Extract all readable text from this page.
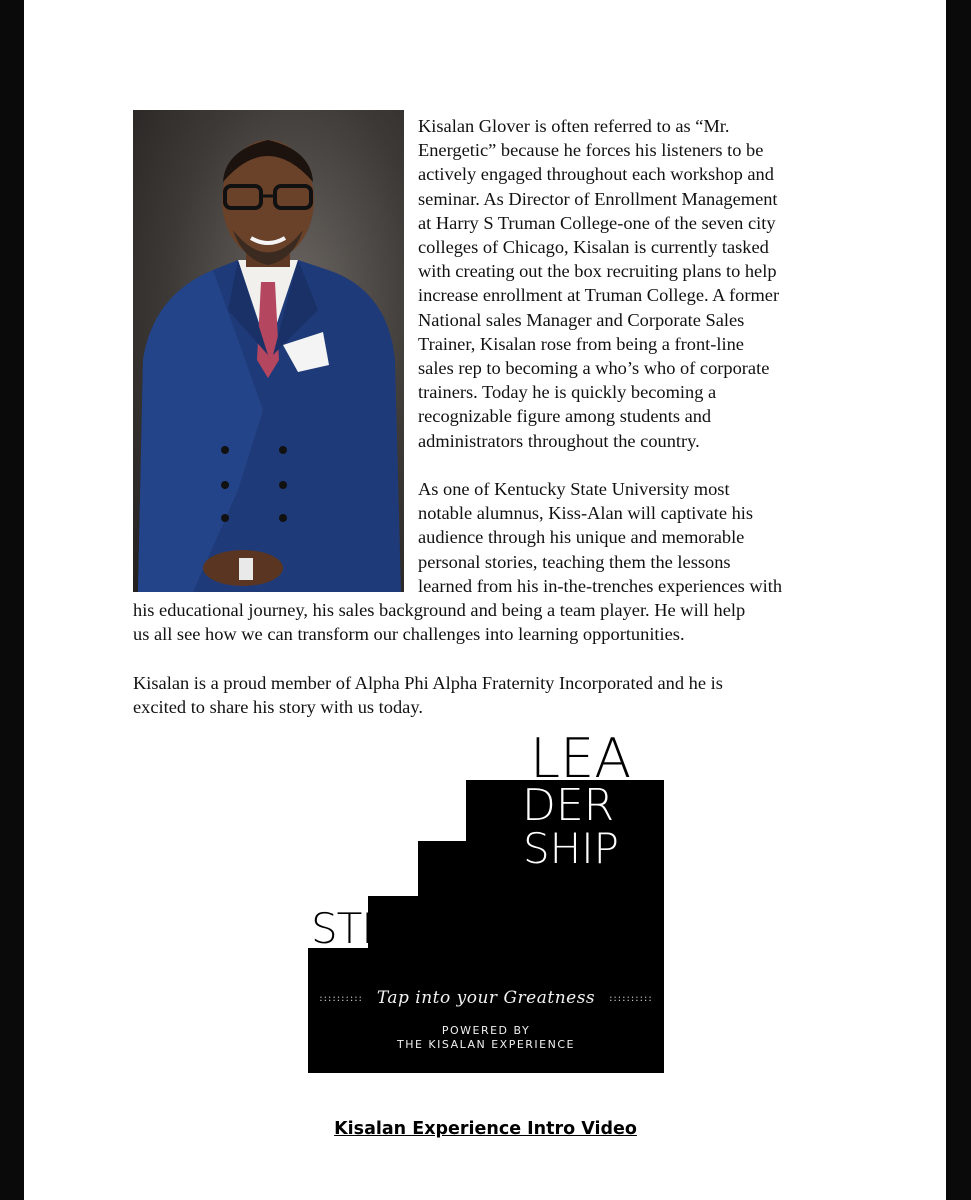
Kisalan Glover is often referred to as “Mr.
Energetic” because he forces his listeners to be
actively engaged throughout each workshop and
seminar. As Director of Enrollment Management
at Harry S Truman College-one of the seven city
colleges of Chicago, Kisalan is currently tasked
with creating out the box recruiting plans to help
increase enrollment at Truman College. A former
National sales Manager and Corporate Sales
Trainer, Kisalan rose from being a front-line
sales rep to becoming a who’s who of corporate
trainers. Today he is quickly becoming a
recognizable figure among students and
administrators throughout the country.
As one of Kentucky State University most
notable alumnus, Kiss-Alan will captivate his
audience through his unique and memorable
personal stories, teaching them the lessons
learned from his in-the-trenches experiences with
his educational journey, his sales background and being a team player. He will help
us all see how we can transform our challenges into learning opportunities.
Kisalan is a proud member of Alpha Phi Alpha Fraternity Incorporated and he is
excited to share his story with us today.
STEP
UP
TO
LEA
DER
SHIP
:::::::::: Tap into your Greatness ::::::::::
POWERED BY
THE KISALAN EXPERIENCE
Kisalan Experience Intro Video
